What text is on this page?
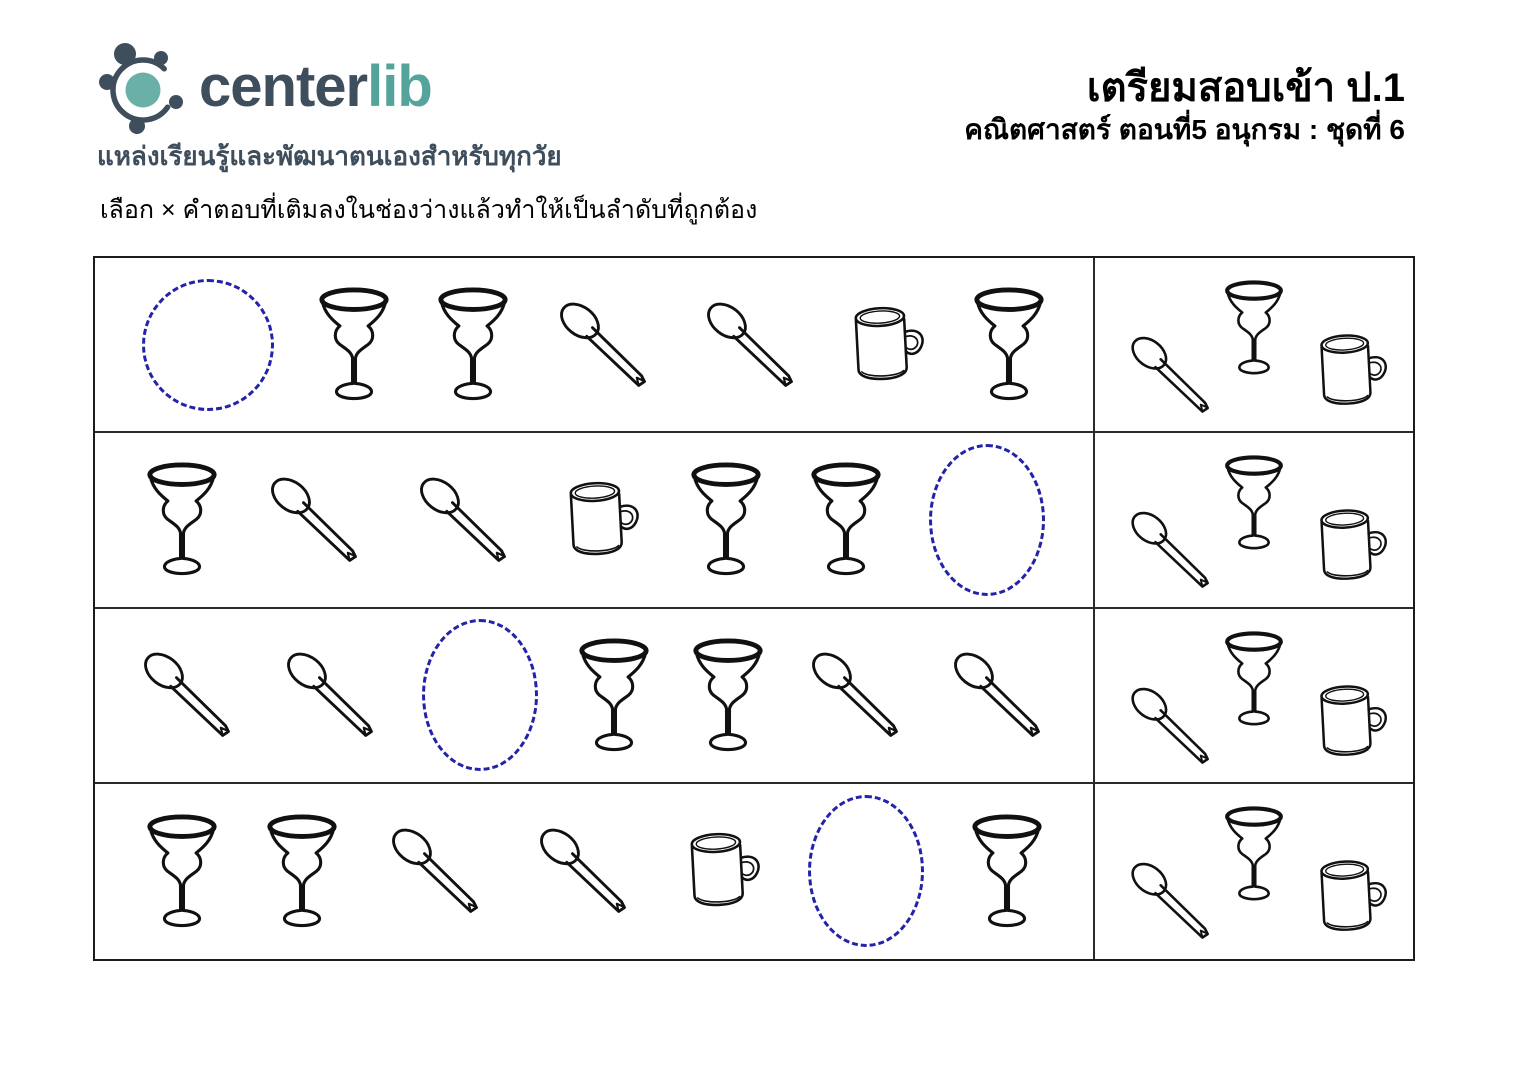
centerlib
แหล่งเรียนรู้และพัฒนาตนเองสำหรับทุกวัย
เตรียมสอบเข้า ป.1
คณิตศาสตร์ ตอนที่5 อนุกรม : ชุดที่ 6
เลือก × คำตอบที่เติมลงในช่องว่างแล้วทำให้เป็นลำดับที่ถูกต้อง
